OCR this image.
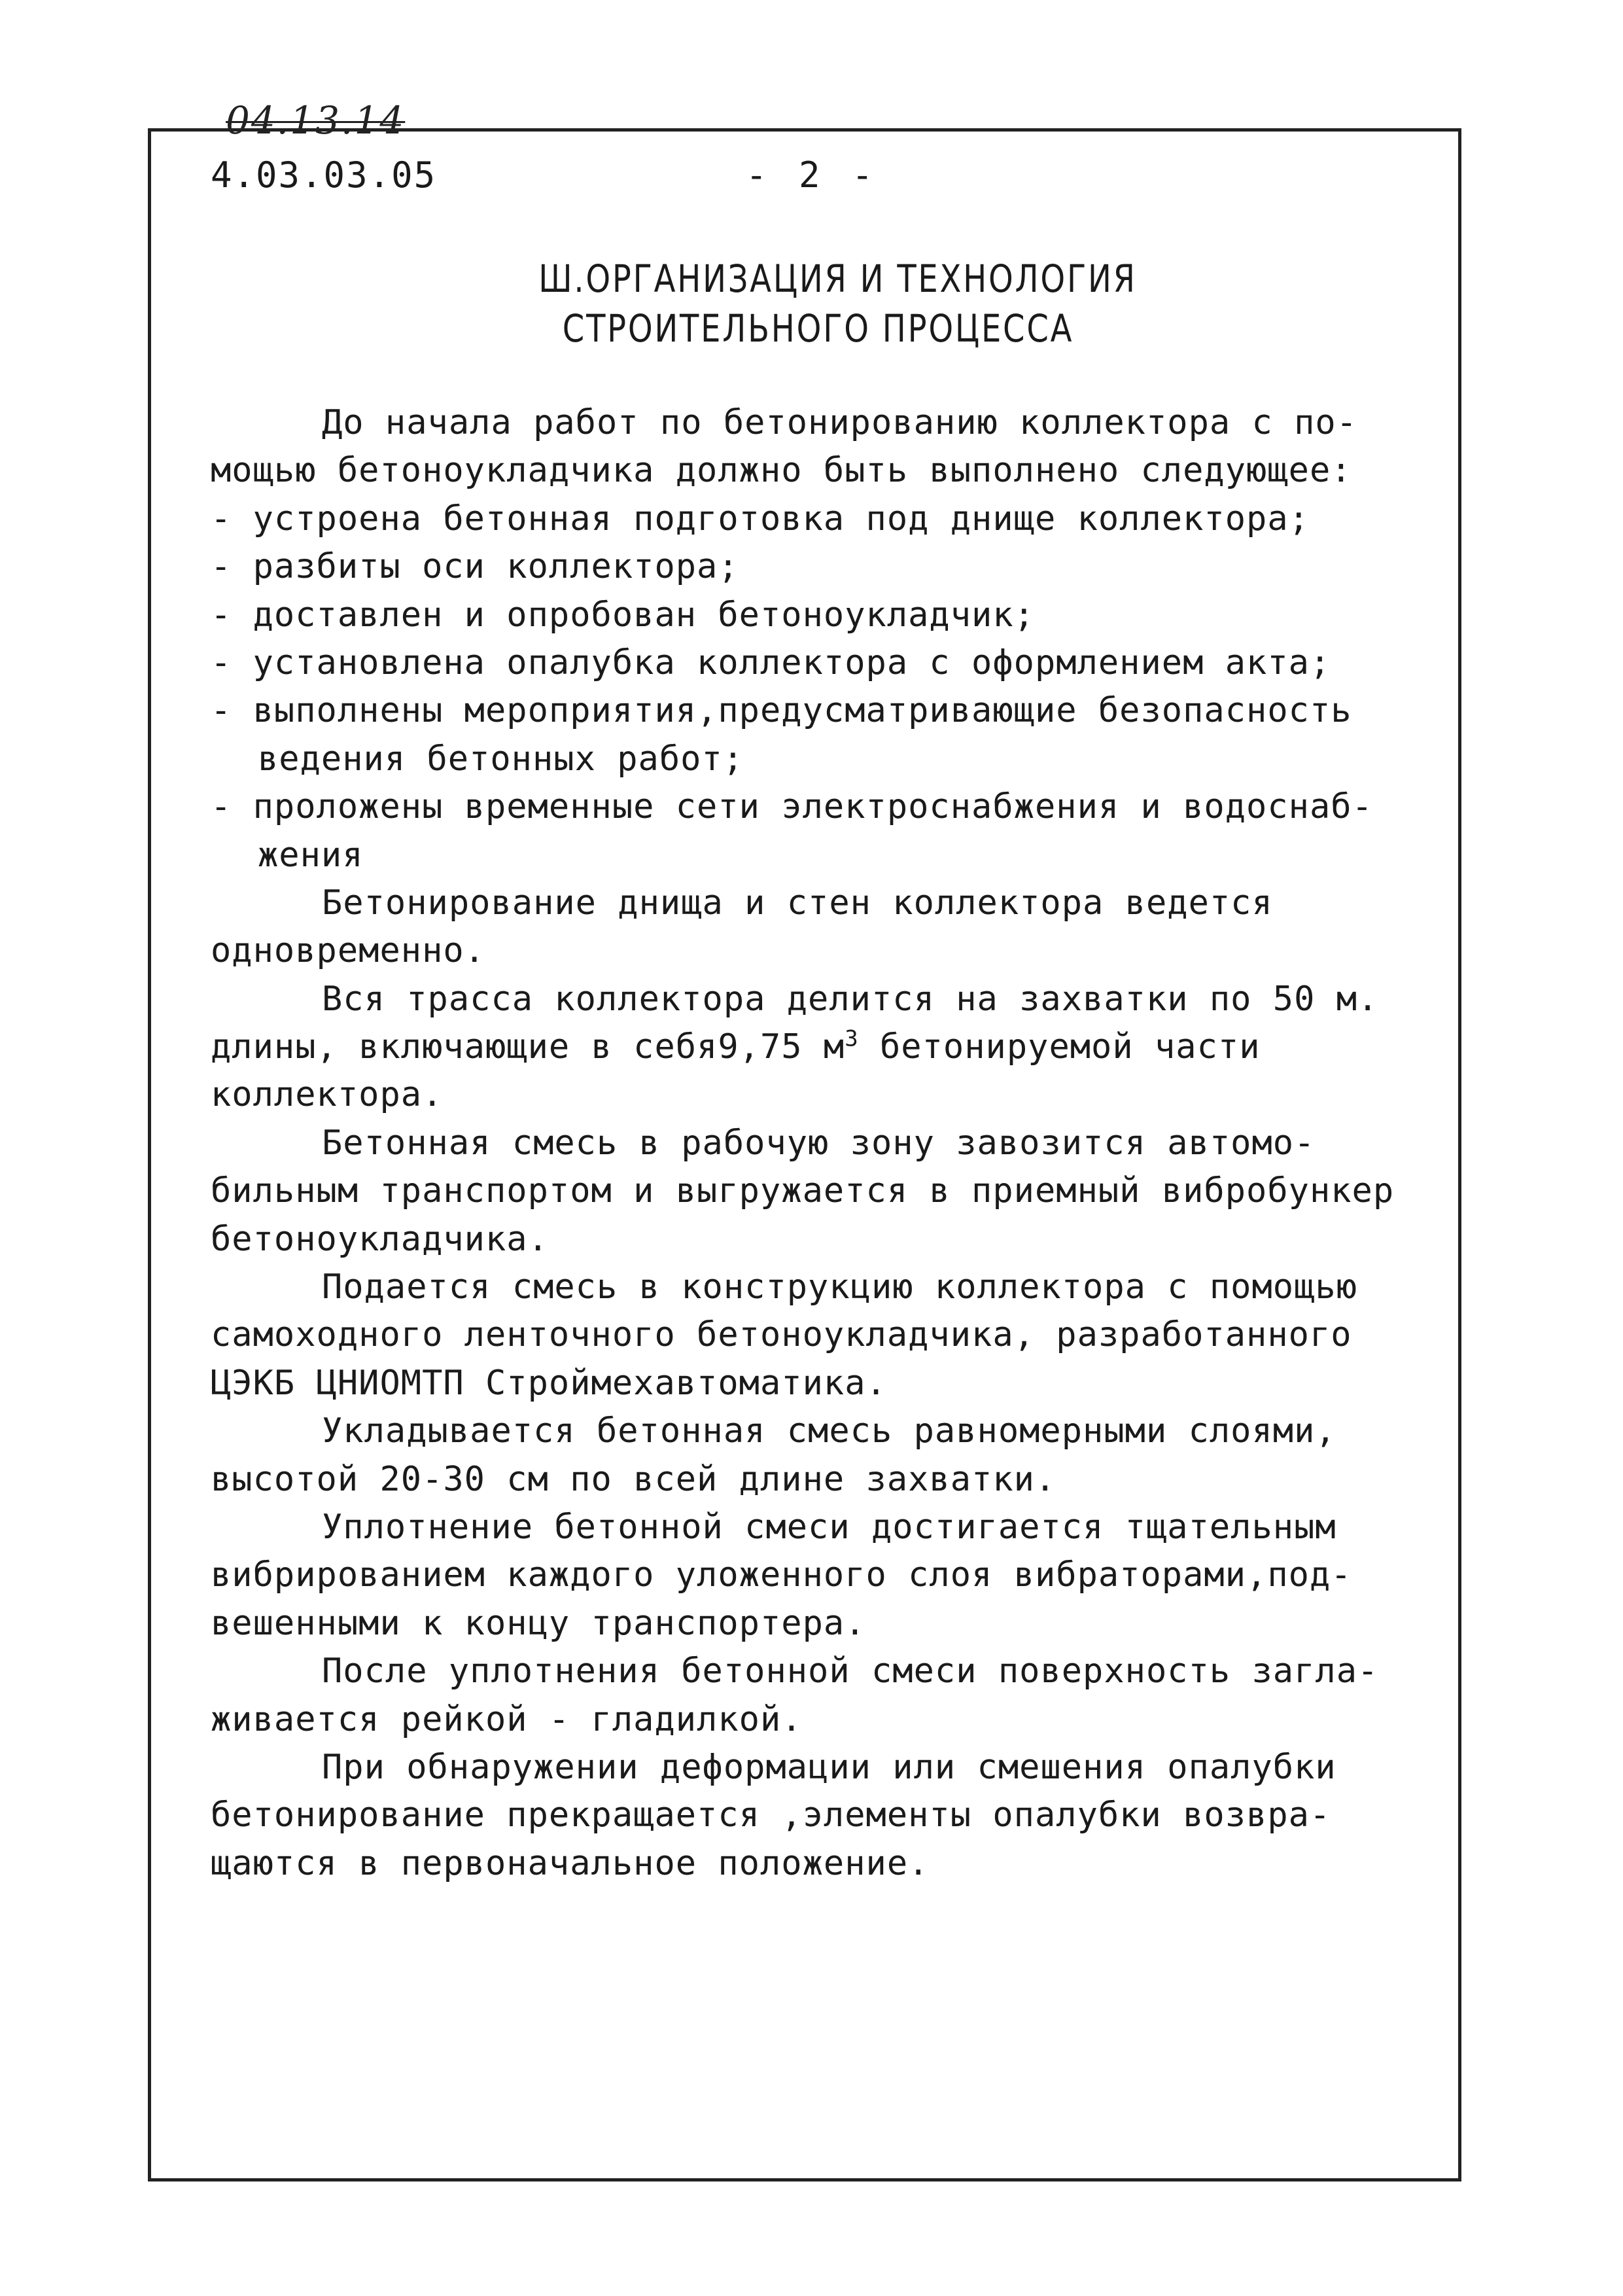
04.13.14
4.03.03.05	- 2 -
Ш.ОРГАНИЗАЦИЯ И ТЕХНОЛОГИЯ
СТРОИТЕЛЬНОГО ПРОЦЕССА
До начала работ по бетонированию коллектора с по-
мощью бетоноукладчика должно быть выполнено следующее:
- устроена бетонная подготовка под днище коллектора;
- разбиты оси коллектора;
- доставлен и опробован бетоноукладчик;
- установлена опалубка коллектора с оформлением акта;
- выполнены мероприятия,предусматривающие безопасность
ведения бетонных работ;
- проложены временные сети электроснабжения и водоснаб-
жения
Бетонирование днища и стен коллектора ведется
одновременно.
Вся трасса коллектора делится на захватки по 50 м.
длины, включающие в себя9,75 $м^3$ бетонируемой части
коллектора.
Бетонная смесь в рабочую зону завозится автомо-
бильным транспортом и выгружается в приемный вибробункер
бетоноукладчика.
Подается смесь в конструкцию коллектора с помощью
самоходного ленточного бетоноукладчика, разработанного
ЦЭКБ ЦНИОМТП Строймехавтоматика.
Укладывается бетонная смесь равномерными слоями,
высотой 20-30 см по всей длине захватки.
Уплотнение бетонной смеси достигается тщательным
вибрированием каждого уложенного слоя вибраторами,под-
вешенными к концу транспортера.
После уплотнения бетонной смеси поверхность загла-
живается рейкой - гладилкой.
При обнаружении деформации или смешения опалубки
бетонирование прекращается ,элементы опалубки возвра-
щаются в первоначальное положение.
